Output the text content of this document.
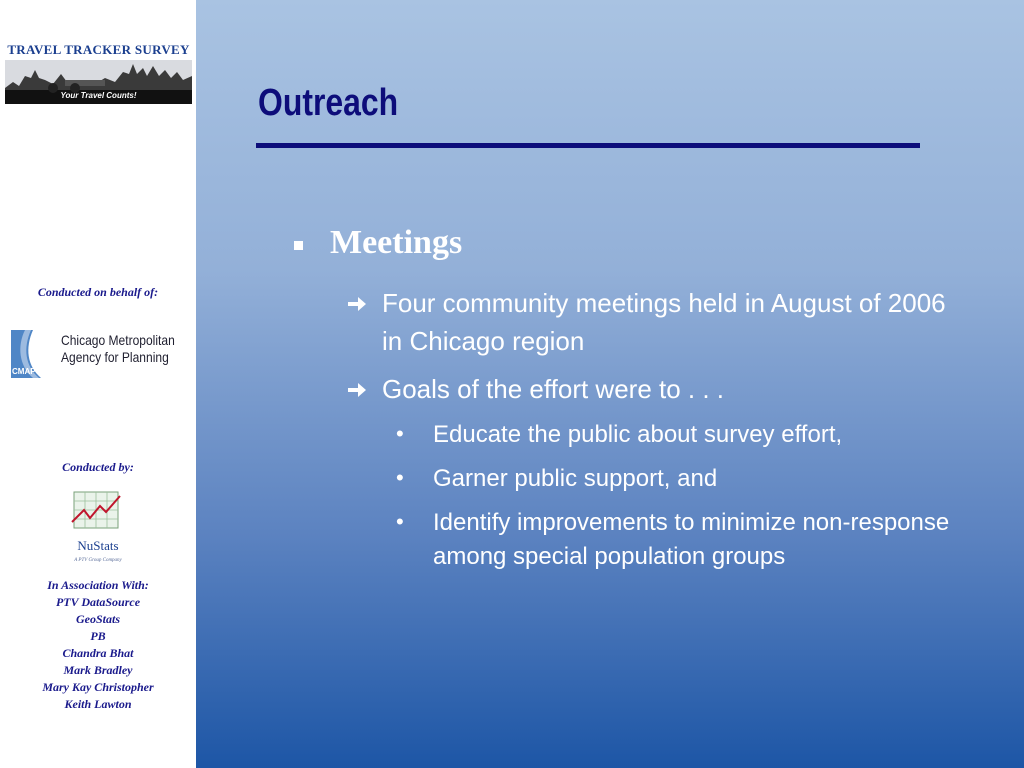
TRAVEL TRACKER SURVEY
Your Travel Counts!
Conducted on behalf of:
CMAP
Chicago Metropolitan
Agency for Planning
Conducted by:
NuStats
A PTV Group Company
In Association With:
PTV DataSource
GeoStats
PB
Chandra Bhat
Mark Bradley
Mary Kay Christopher
Keith Lawton
Outreach
Meetings
Four community meetings held in August of 2006 in Chicago region
Goals of the effort were to . . .
• Educate the public about survey effort,
• Garner public support, and
• Identify improvements to minimize non-response among special population groups
